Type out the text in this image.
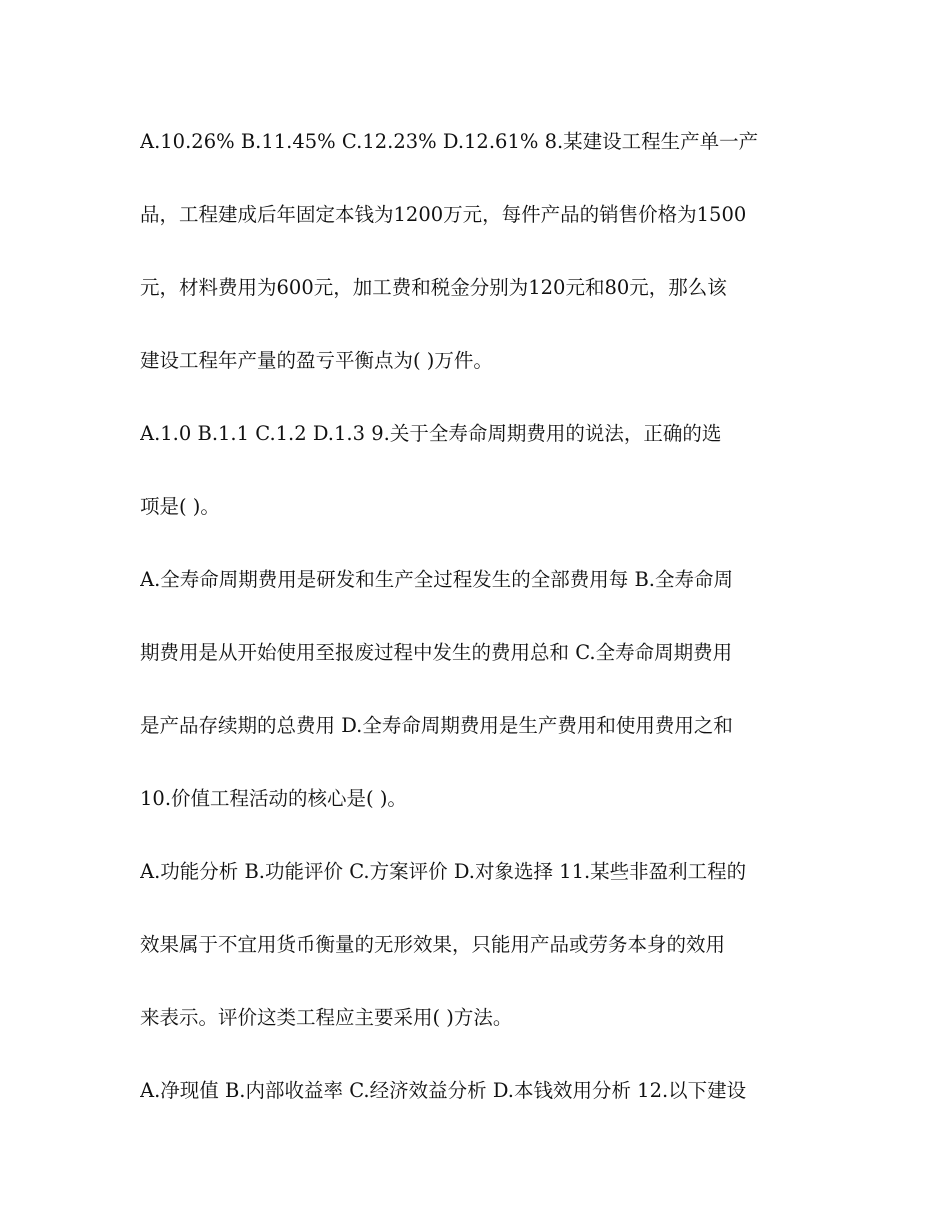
A.10.26% B.11.45% C.12.23% D.12.61% 8.某建设工程生产单一产
品，工程建成后年固定本钱为1200万元，每件产品的销售价格为1500
元，材料费用为600元，加工费和税金分别为120元和80元，那么该
建设工程年产量的盈亏平衡点为( )万件。
A.1.0 B.1.1 C.1.2 D.1.3 9.关于全寿命周期费用的说法，正确的选
项是( )。
A.全寿命周期费用是研发和生产全过程发生的全部费用每 B.全寿命周
期费用是从开始使用至报废过程中发生的费用总和 C.全寿命周期费用
是产品存续期的总费用 D.全寿命周期费用是生产费用和使用费用之和
10.价值工程活动的核心是( )。
A.功能分析 B.功能评价 C.方案评价 D.对象选择 11.某些非盈利工程的
效果属于不宜用货币衡量的无形效果，只能用产品或劳务本身的效用
来表示。评价这类工程应主要采用( )方法。
A.净现值 B.内部收益率 C.经济效益分析 D.本钱效用分析 12.以下建设
